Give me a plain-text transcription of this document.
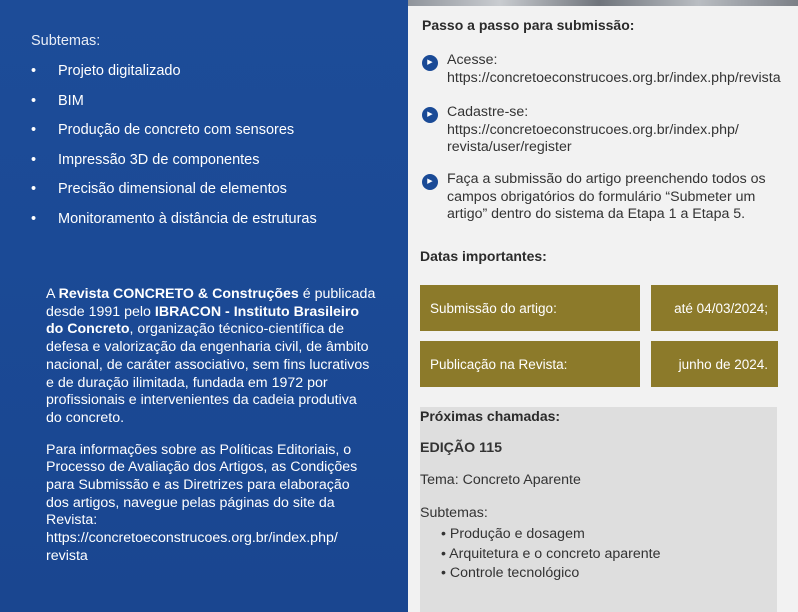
Subtemas:
• Projeto digitalizado
• BIM
• Produção de concreto com sensores
• Impressão 3D de componentes
• Precisão dimensional de elementos
• Monitoramento à distância de estruturas

A Revista CONCRETO & Construções é publicada desde 1991 pelo IBRACON - Instituto Brasileiro do Concreto, organização técnico-científica de defesa e valorização da engenharia civil, de âmbito nacional, de caráter associativo, sem fins lucrativos e de duração ilimitada, fundada em 1972 por profissionais e intervenientes da cadeia produtiva do concreto.

Para informações sobre as Políticas Editoriais, o Processo de Avaliação dos Artigos, as Condições para Submissão e as Diretrizes para elaboração dos artigos, navegue pelas páginas do site da Revista:
https://concretoeconstrucoes.org.br/index.php/
revista

Passo a passo para submissão:
▶	Acesse:
https://concretoeconstrucoes.org.br/index.php/revista
▶	Cadastre-se:
https://concretoeconstrucoes.org.br/index.php/
revista/user/register
▶	Faça a submissão do artigo preenchendo todos os campos obrigatórios do formulário “Submeter um artigo” dentro do sistema da Etapa 1 a Etapa 5.
Datas importantes:
Submissão do artigo:	até 04/03/2024;
Publicação na Revista:	junho de 2024.
Próximas chamadas:
EDIÇÃO 115
Tema: Concreto Aparente
Subtemas:
• Produção e dosagem
• Arquitetura e o concreto aparente
• Controle tecnológico
